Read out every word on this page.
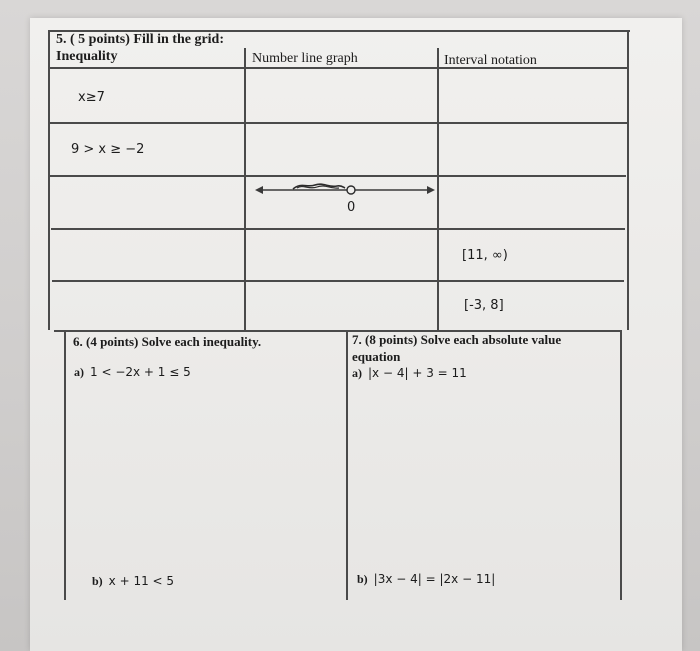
5. ( 5 points) Fill in the grid:
Inequality	Number line graph	Interval notation
x≥7
9 > x ≥ −2
0
[11, ∞)
[-3, 8]
6. (4 points) Solve each inequality.
a) 1 < −2x + 1 ≤ 5
b) x + 11 < 5
7. (8 points) Solve each absolute value
equation
a) |x − 4| + 3 = 11
b) |3x − 4| = |2x − 11|
